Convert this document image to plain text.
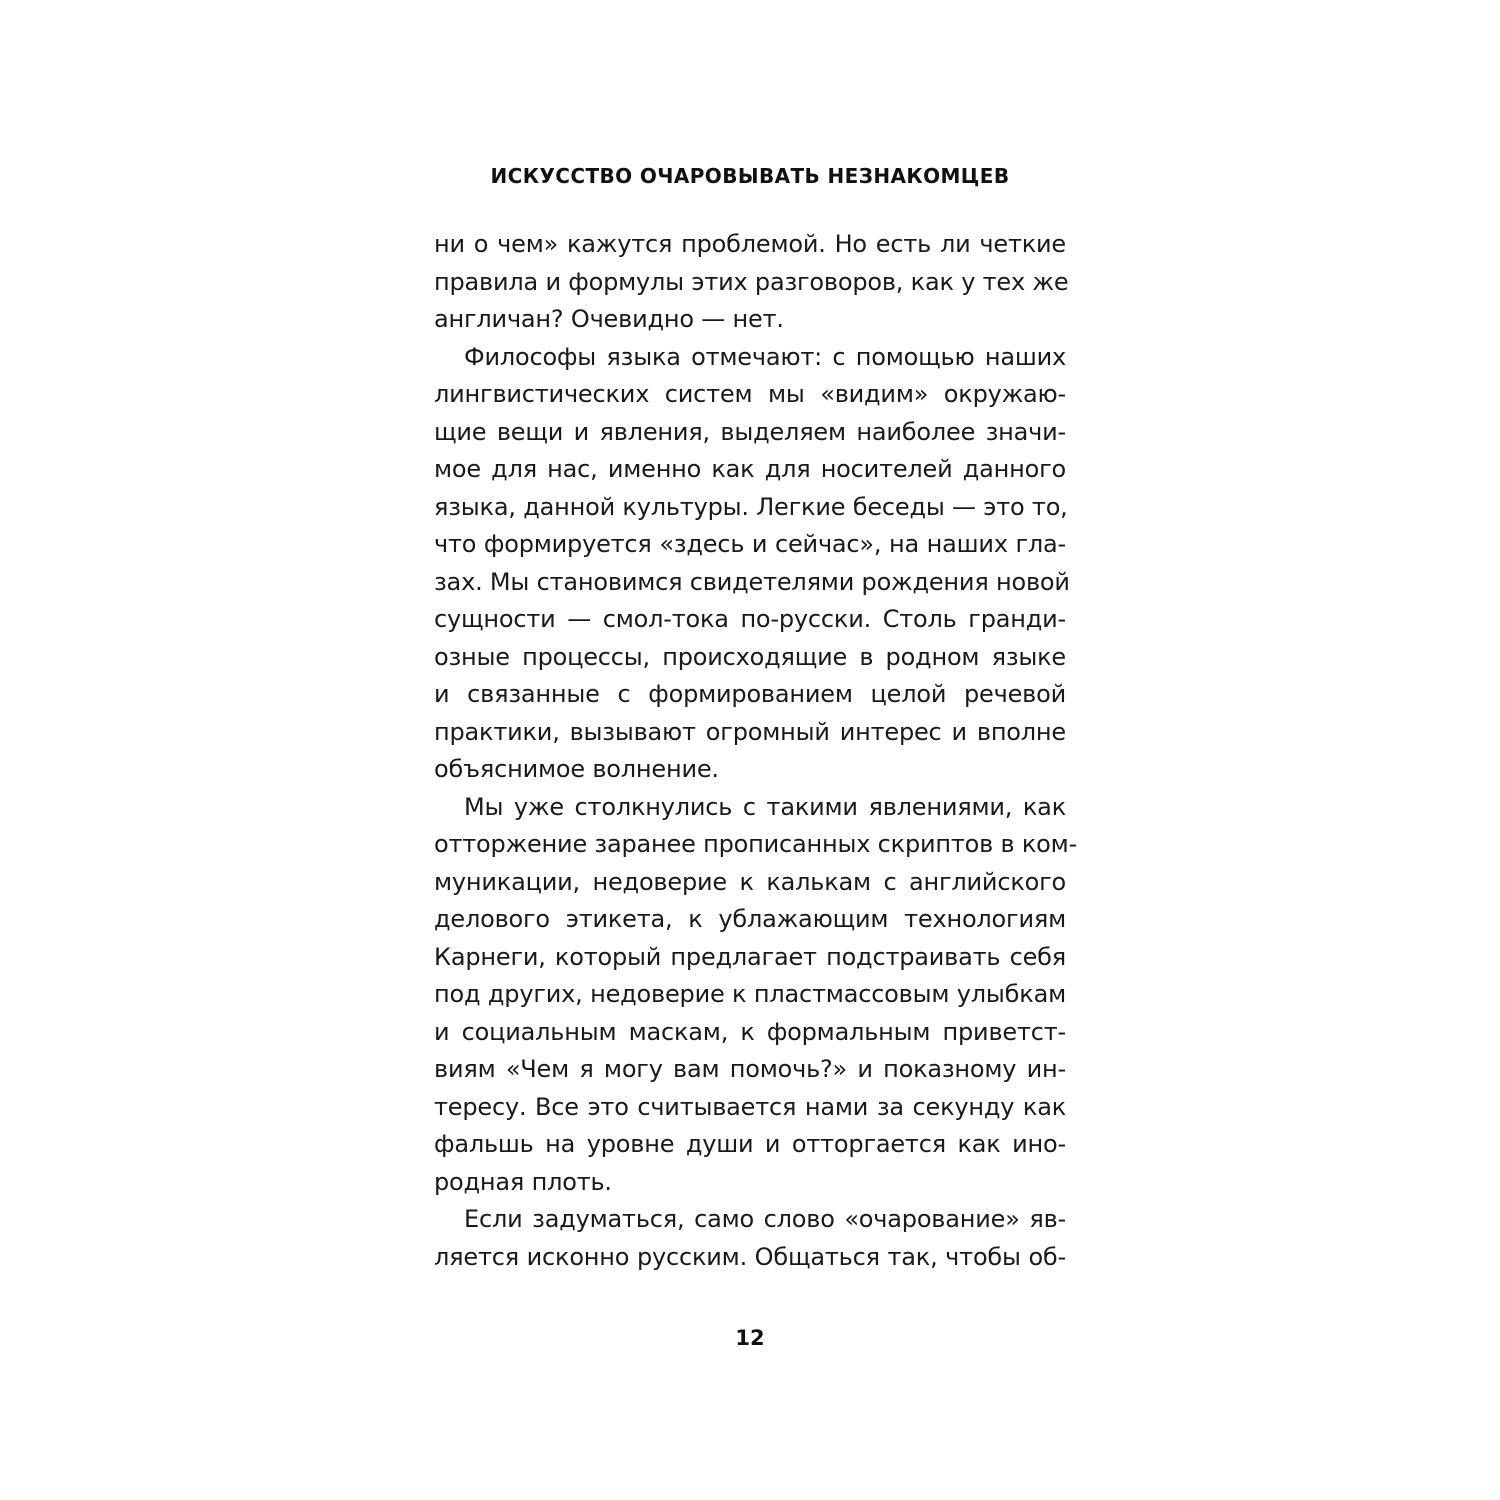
ИСКУССТВО ОЧАРОВЫВАТЬ НЕЗНАКОМЦЕВ
ни о чем» кажутся проблемой. Но есть ли четкие
правила и формулы этих разговоров, как у тех же
англичан? Очевидно — нет.
Философы языка отмечают: с помощью наших
лингвистических систем мы «видим» окружаю-
щие вещи и явления, выделяем наиболее значи-
мое для нас, именно как для носителей данного
языка, данной культуры. Легкие беседы — это то,
что формируется «здесь и сейчас», на наших гла-
зах. Мы становимся свидетелями рождения новой
сущности — смол-тока по-русски. Столь гранди-
озные процессы, происходящие в родном языке
и связанные с формированием целой речевой
практики, вызывают огромный интерес и вполне
объяснимое волнение.
Мы уже столкнулись с такими явлениями, как
отторжение заранее прописанных скриптов в ком-
муникации, недоверие к калькам с английского
делового этикета, к ублажающим технологиям
Карнеги, который предлагает подстраивать себя
под других, недоверие к пластмассовым улыбкам
и социальным маскам, к формальным приветст-
виям «Чем я могу вам помочь?» и показному ин-
тересу. Все это считывается нами за секунду как
фальшь на уровне души и отторгается как ино-
родная плоть.
Если задуматься, само слово «очарование» яв-
ляется исконно русским. Общаться так, чтобы об-
12
